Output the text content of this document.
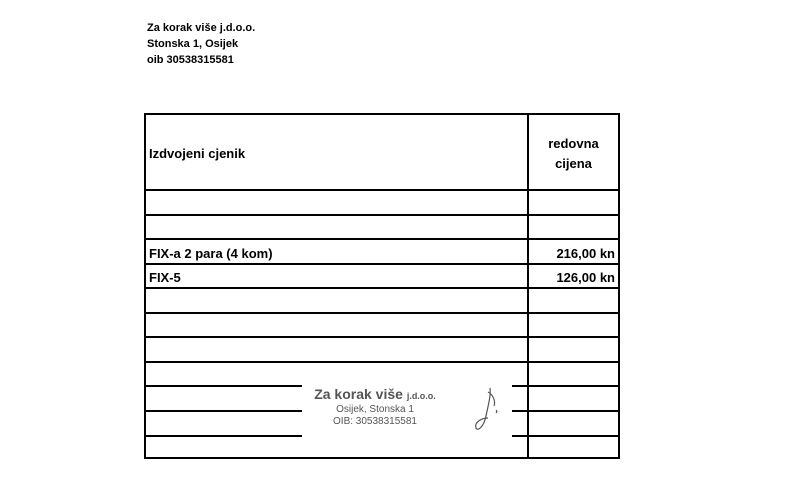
Za korak više j.d.o.o.
Stonska 1, Osijek
oib 30538315581
Izdvojeni cjenik
redovna
cijena
FIX-a 2 para (4 kom)	216,00 kn
FIX-5	126,00 kn
Za korak više j.d.o.o.
Osijek, Stonska 1
OIB: 30538315581
